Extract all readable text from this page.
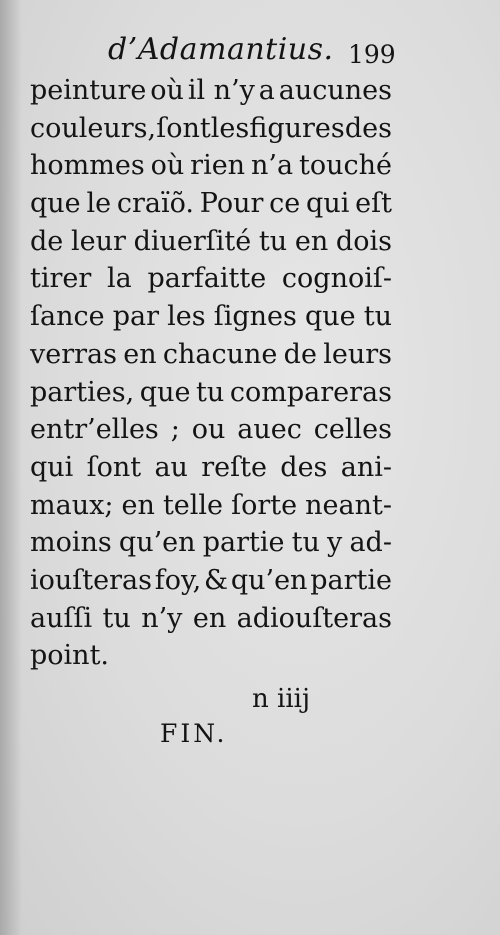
d’Adamantius. 199
peinture où il n’y a aucunes
couleurs, ſont les figures des
hommes où rien n’a touché
que le craïõ. Pour ce qui eſt
de leur diuerſité tu en dois
tirer la parfaitte cognoiſ-
ſance par les ſignes que tu
verras en chacune de leurs
parties, que tu compareras
entr’elles ; ou auec celles
qui ſont au reſte des ani-
maux; en telle ſorte neant-
moins qu’en partie tu y ad-
iouſteras foy, & qu’en partie
auſſi tu n’y en adiouſteras
point.
n iiij
FIN.
